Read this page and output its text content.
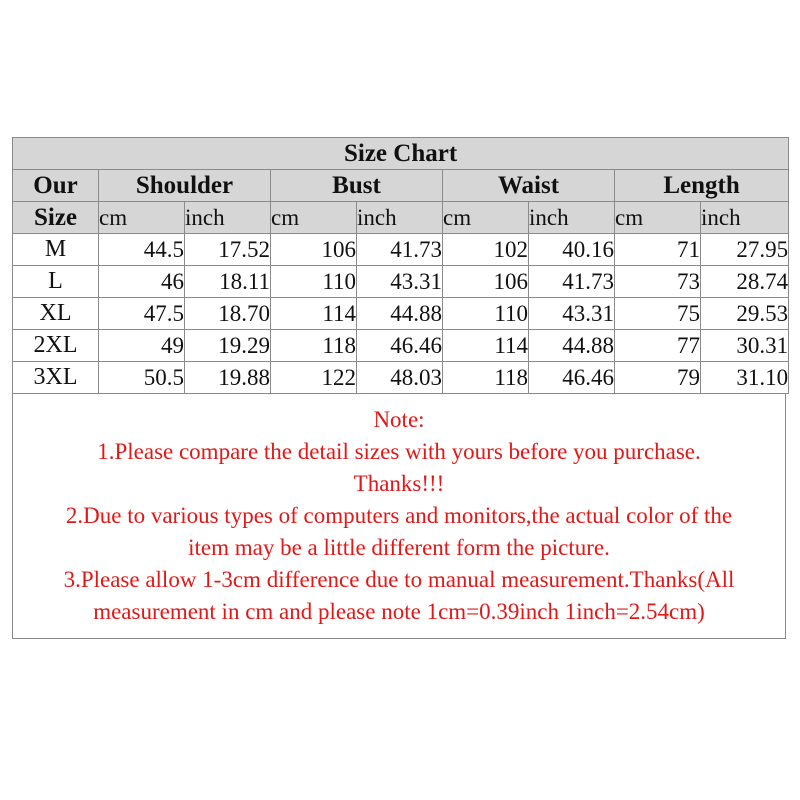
Size Chart								
Our	Shoulder		Bust		Waist		Length	
Size	cm	inch	cm	inch	cm	inch	cm	inch
M	44.5	17.52	106	41.73	102	40.16	71	27.95
L	46	18.11	110	43.31	106	41.73	73	28.74
XL	47.5	18.70	114	44.88	110	43.31	75	29.53
2XL	49	19.29	118	46.46	114	44.88	77	30.31
3XL	50.5	19.88	122	48.03	118	46.46	79	31.10
Note:
1.Please compare the detail sizes with yours before you purchase.
Thanks!!!
2.Due to various types of computers and monitors,the actual color of the
item may be a little different form the picture.
3.Please allow 1-3cm difference due to manual measurement.Thanks(All
measurement in cm and please note 1cm=0.39inch 1inch=2.54cm)
